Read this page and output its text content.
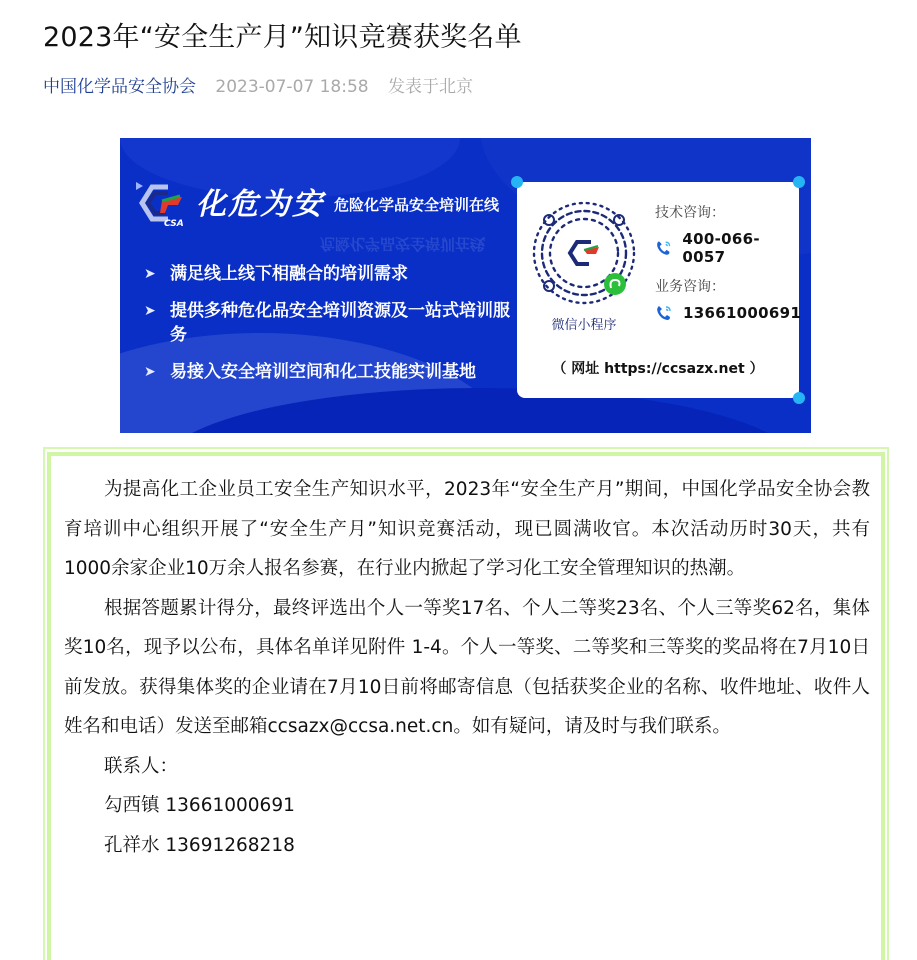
2023年“安全生产月”知识竞赛获奖名单
中国化学品安全协会 2023-07-07 18:58 发表于北京
CSA
化危为安 危险化学品安全培训在线
危险化学品安全培训在线
➤ 满足线上线下相融合的培训需求
➤ 提供多种危化品安全培训资源及一站式培训服务
➤ 易接入安全培训空间和化工技能实训基地
微信小程序
技术咨询：
400-066-0057
业务咨询：
13661000691
（ 网址 https://ccsazx.net ）

为提高化工企业员工安全生产知识水平，2023年“安全生产月”期间，中国化学品安全协会教育培训中心组织开展了“安全生产月”知识竞赛活动，现已圆满收官。本次活动历时30天，共有1000余家企业10万余人报名参赛，在行业内掀起了学习化工安全管理知识的热潮。

根据答题累计得分，最终评选出个人一等奖17名、个人二等奖23名、个人三等奖62名，集体奖10名，现予以公布，具体名单详见附件 1-4。个人一等奖、二等奖和三等奖的奖品将在7月10日前发放。获得集体奖的企业请在7月10日前将邮寄信息（包括获奖企业的名称、收件地址、收件人姓名和电话）发送至邮箱ccsazx@ccsa.net.cn。如有疑问，请及时与我们联系。

联系人：

勾西镇 13661000691

孔祥水 13691268218
